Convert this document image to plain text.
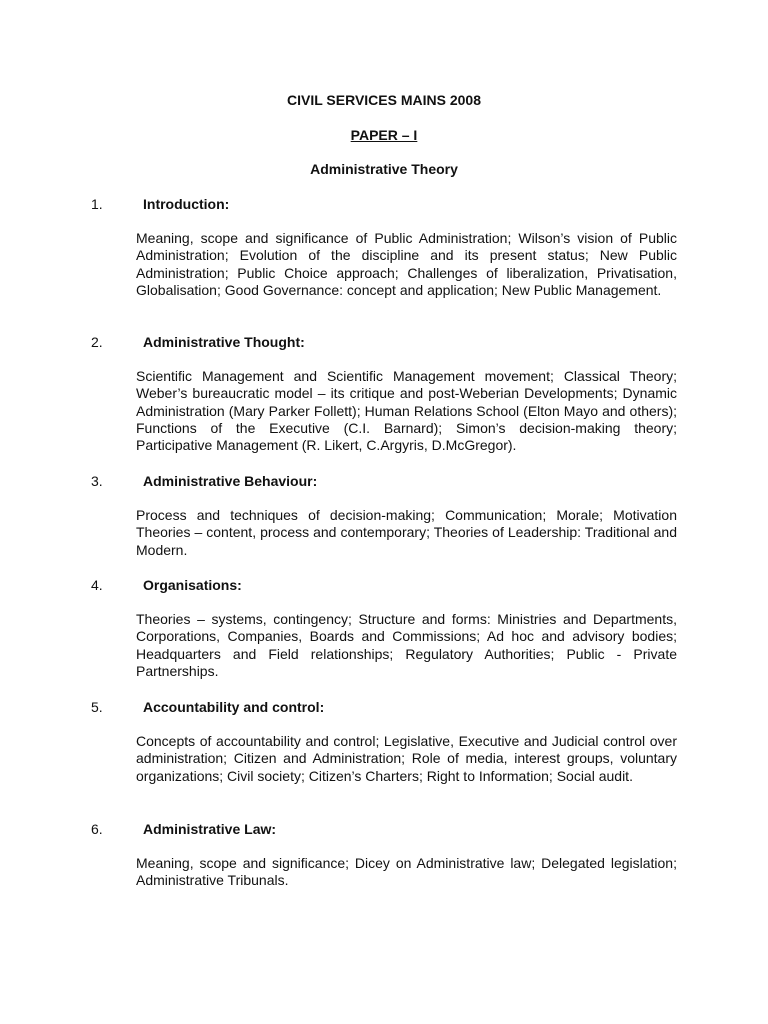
CIVIL SERVICES MAINS 2008
PAPER – I
Administrative Theory
1.	Introduction:
Meaning, scope and significance of Public Administration; Wilson’s vision of Public Administration; Evolution of the discipline and its present status; New Public Administration; Public Choice approach; Challenges of liberalization, Privatisation, Globalisation; Good Governance: concept and application; New Public Management.
2.	Administrative Thought:
Scientific Management and Scientific Management movement; Classical Theory; Weber’s bureaucratic model – its critique and post-Weberian Developments; Dynamic Administration (Mary Parker Follett); Human Relations School (Elton Mayo and others); Functions of the Executive (C.I. Barnard); Simon’s decision-making theory; Participative Management (R. Likert, C.Argyris, D.McGregor).
3.	Administrative Behaviour:
Process and techniques of decision-making; Communication; Morale; Motivation Theories – content, process and contemporary; Theories of Leadership: Traditional and Modern.
4.	Organisations:
Theories – systems, contingency; Structure and forms: Ministries and Departments, Corporations, Companies, Boards and Commissions; Ad hoc and advisory bodies; Headquarters and Field relationships; Regulatory Authorities; Public - Private Partnerships.
5.	Accountability and control:
Concepts of accountability and control; Legislative, Executive and Judicial control over administration; Citizen and Administration; Role of media, interest groups, voluntary organizations; Civil society; Citizen’s Charters; Right to Information; Social audit.
6.	Administrative Law:
Meaning, scope and significance; Dicey on Administrative law; Delegated legislation; Administrative Tribunals.
